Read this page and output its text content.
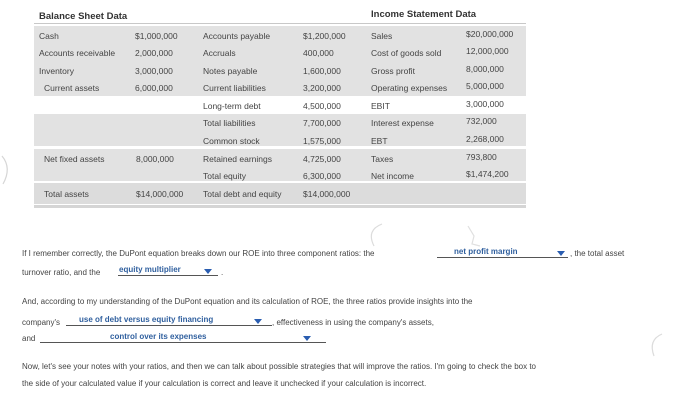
Balance Sheet Data	Income Statement Data
Cash	$1,000,000
Accounts receivable 2,000,000
Inventory	3,000,000
Current assets	6,000,000
Net fixed assets	8,000,000
Total assets	$14,000,000
Accounts payable	$1,200,000
Accruals	400,000
Notes payable	1,600,000
Current liabilities	3,200,000
Long-term debt	4,500,000
Total liabilities	7,700,000
Common stock	1,575,000
Retained earnings	4,725,000
Total equity	6,300,000
Total debt and equity	$14,000,000
Sales	$20,000,000
Cost of goods sold	12,000,000
Gross profit	8,000,000
Operating expenses 5,000,000
EBIT	3,000,000
Interest expense	732,000
EBT	2,268,000
Taxes	793,800
Net income	$1,474,200
If I remember correctly, the DuPont equation breaks down our ROE into three component ratios: the	net profit margin	, the total asset
turnover ratio, and the equity multiplier	.
And, according to my understanding of the DuPont equation and its calculation of ROE, the three ratios provide insights into the
company's use of debt versus equity financing	, effectiveness in using the company's assets,
and	control over its expenses
Now, let's see your notes with your ratios, and then we can talk about possible strategies that will improve the ratios. I'm going to check the box to
the side of your calculated value if your calculation is correct and leave it unchecked if your calculation is incorrect.
